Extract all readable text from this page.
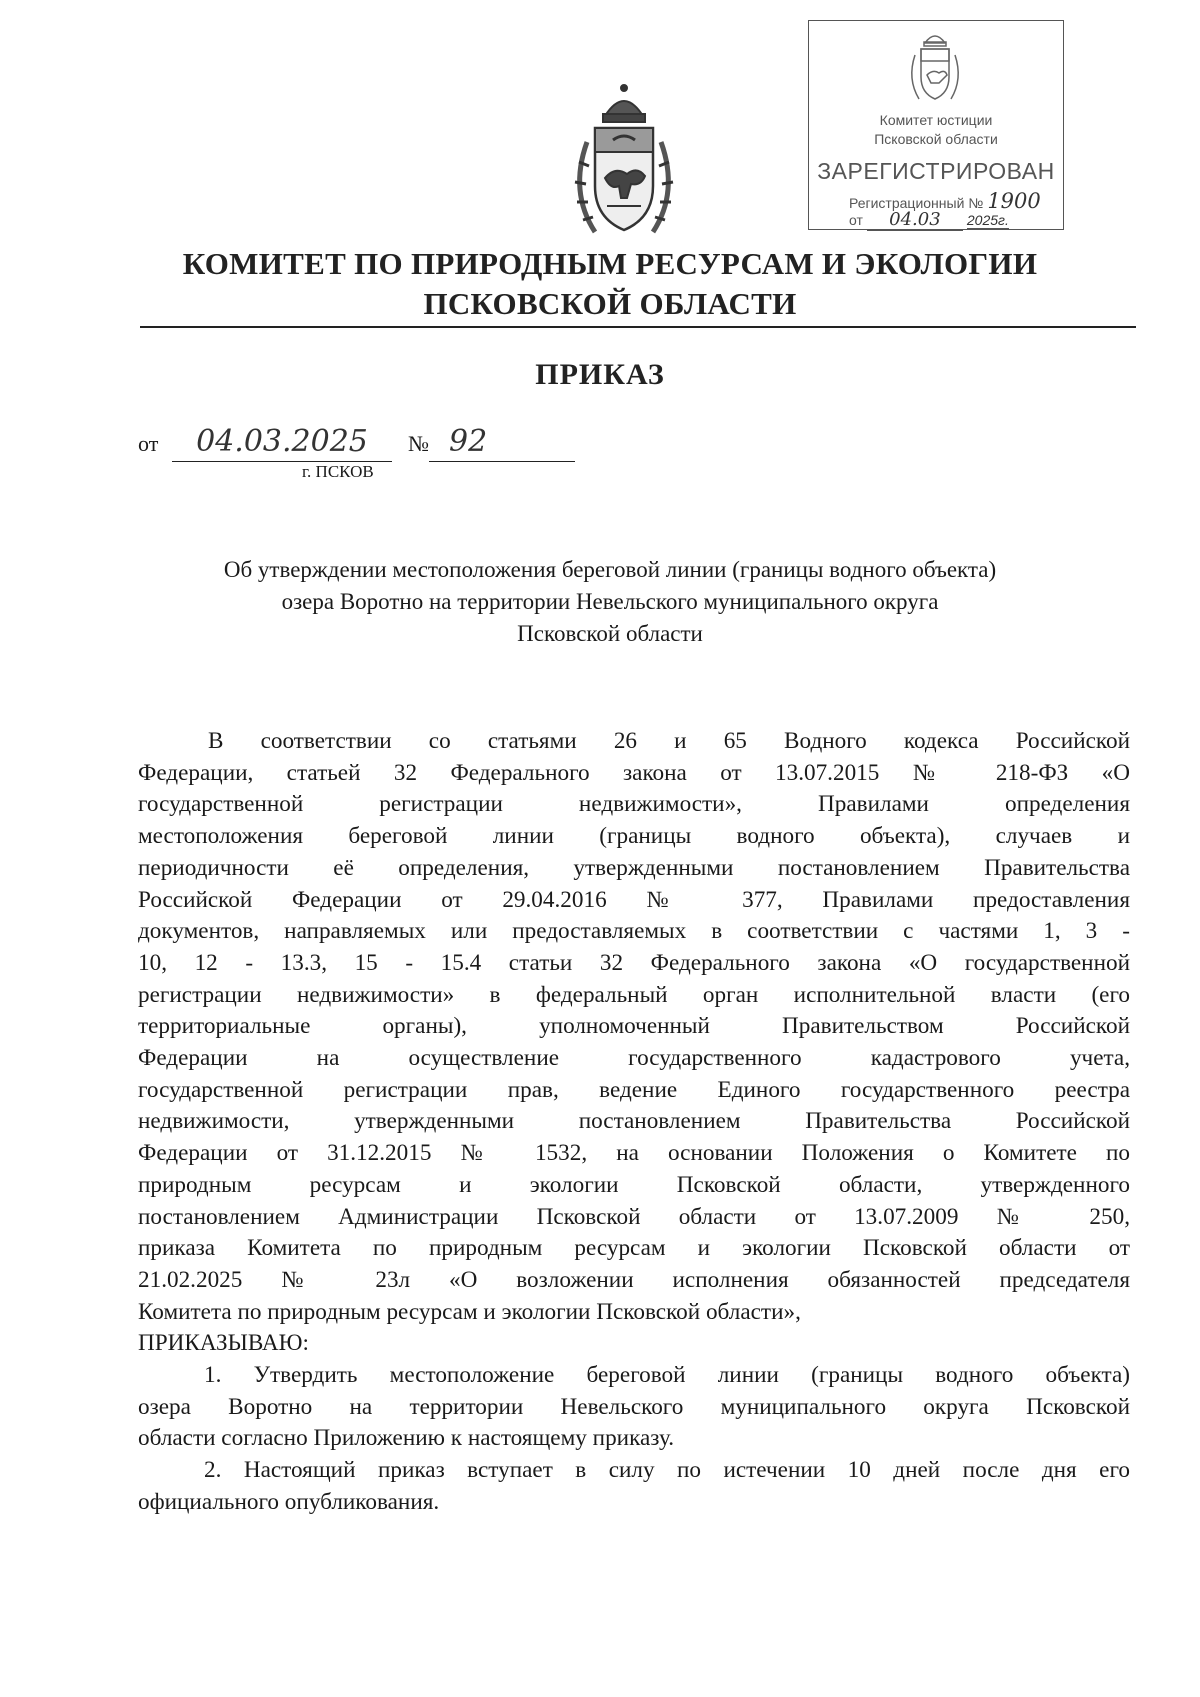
Комитет юстиции
Псковской области
ЗАРЕГИСТРИРОВАН
Регистрационный № 1900
от 04.03 2025г.
КОМИТЕТ ПО ПРИРОДНЫМ РЕСУРСАМ И ЭКОЛОГИИ
ПСКОВСКОЙ ОБЛАСТИ
ПРИКАЗ
от 04.03.2025 № 92
г. ПСКОВ
Об утверждении местоположения береговой линии (границы водного объекта)
озера Воротно на территории Невельского муниципального округа
Псковской области
В соответствии со статьями 26 и 65 Водного кодекса Российской
Федерации, статьей 32 Федерального закона от 13.07.2015 № 218-ФЗ «О
государственной регистрации недвижимости», Правилами определения
местоположения береговой линии (границы водного объекта), случаев и
периодичности её определения, утвержденными постановлением Правительства
Российской Федерации от 29.04.2016 № 377, Правилами предоставления
документов, направляемых или предоставляемых в соответствии с частями 1, 3 -
10, 12 - 13.3, 15 - 15.4 статьи 32 Федерального закона «О государственной
регистрации недвижимости» в федеральный орган исполнительной власти (его
территориальные органы), уполномоченный Правительством Российской
Федерации на осуществление государственного кадастрового учета,
государственной регистрации прав, ведение Единого государственного реестра
недвижимости, утвержденными постановлением Правительства Российской
Федерации от 31.12.2015 № 1532, на основании Положения о Комитете по
природным ресурсам и экологии Псковской области, утвержденного
постановлением Администрации Псковской области от 13.07.2009 № 250,
приказа Комитета по природным ресурсам и экологии Псковской области от
21.02.2025 № 23л «О возложении исполнения обязанностей председателя
Комитета по природным ресурсам и экологии Псковской области»,
ПРИКАЗЫВАЮ:
1. Утвердить местоположение береговой линии (границы водного объекта)
озера Воротно на территории Невельского муниципального округа Псковской
области согласно Приложению к настоящему приказу.
2. Настоящий приказ вступает в силу по истечении 10 дней после дня его
официального опубликования.
